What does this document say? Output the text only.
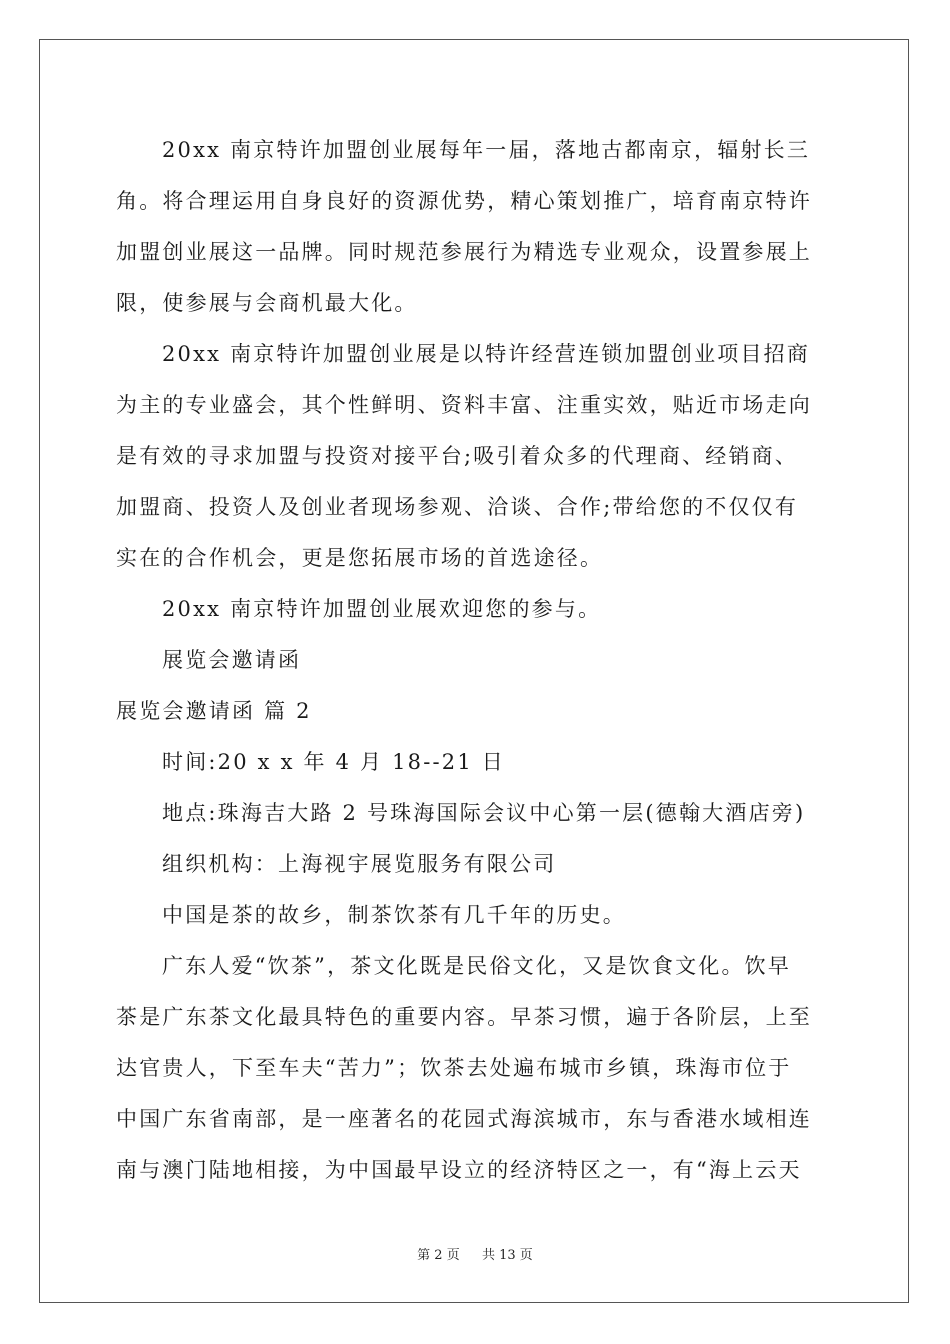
20xx 南京特许加盟创业展每年一届，落地古都南京，辐射长三
角。将合理运用自身良好的资源优势，精心策划推广，培育南京特许
加盟创业展这一品牌。同时规范参展行为精选专业观众，设置参展上
限，使参展与会商机最大化。
20xx 南京特许加盟创业展是以特许经营连锁加盟创业项目招商
为主的专业盛会，其个性鲜明、资料丰富、注重实效，贴近市场走向
是有效的寻求加盟与投资对接平台;吸引着众多的代理商、经销商、
加盟商、投资人及创业者现场参观、洽谈、合作;带给您的不仅仅有
实在的合作机会，更是您拓展市场的首选途径。
20xx 南京特许加盟创业展欢迎您的参与。
展览会邀请函
展览会邀请函 篇 2
时间:20 x x 年 4 月 18--21 日
地点:珠海吉大路 2 号珠海国际会议中心第一层(德翰大酒店旁)
组织机构：上海视宇展览服务有限公司
中国是茶的故乡，制茶饮茶有几千年的历史。
广东人爱“饮茶”，茶文化既是民俗文化，又是饮食文化。饮早
茶是广东茶文化最具特色的重要内容。早茶习惯，遍于各阶层，上至
达官贵人，下至车夫“苦力”；饮茶去处遍布城市乡镇，珠海市位于
中国广东省南部，是一座著名的花园式海滨城市，东与香港水域相连
南与澳门陆地相接，为中国最早设立的经济特区之一，有“海上云天
第 2 页 共 13 页
